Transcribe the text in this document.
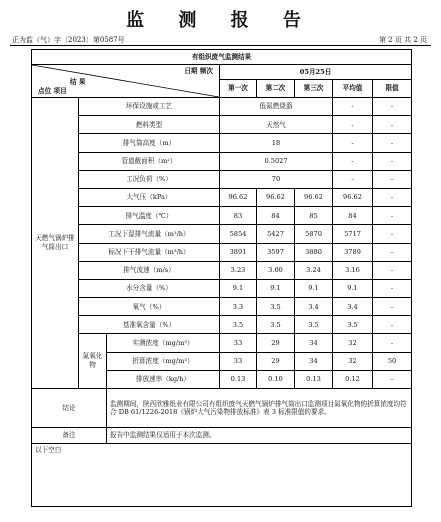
监 测 报 告
正为监（气）字〔2023〕第0587号	第 2 页 共 2 页
有组织废气监测结果							

日期 频次
结 果
点位 项目			05月25日				
			第一次	第二次	第三次	平均值	限值
天燃气锅炉排气筒出口	环保设施或工艺		低氮燃烧器			-	-
	燃料类型		天然气			-	-
	排气筒高度（m）		18			-	-
	管道截面积（m²）		0.5027			-	-
	工况负荷（%）		70			-	-
	大气压（kPa）		96.62	96.62	96.62	96.62	-
	排气温度（℃）		83	84	85	84	-
	工况下湿排气流量（m³/h）		5854	5427	5870	5717	-
	标况下干排气流量（m³/h）		3891	3597	3880	3789	-
	排气流速（m/s）		3.23	3.00	3.24	3.16	-
	水分含量（%）		9.1	9.1	9.1	9.1	-
	氧气（%）		3.3	3.5	3.4	3.4	-
	基准氧含量（%）		3.5	3.5	3.5	3.5	-
	氮氧化物	实测浓度（mg/m³）	33	29	34	32	-
		折算浓度（mg/m³）	33	29	34	32	50
		排放速率（kg/h）	0.13	0.10	0.13	0.12	-
结论		监测期间，陕西欣雅纸业有限公司有组织废气天燃气锅炉排气筒出口监测项目氮氧化物的折算浓度均符合 DB 61/1226-2018《锅炉大气污染物排放标准》表 3 标准限值的要求。					
备注		报告中监测结果仅适用于本次监测。					
以下空白							
